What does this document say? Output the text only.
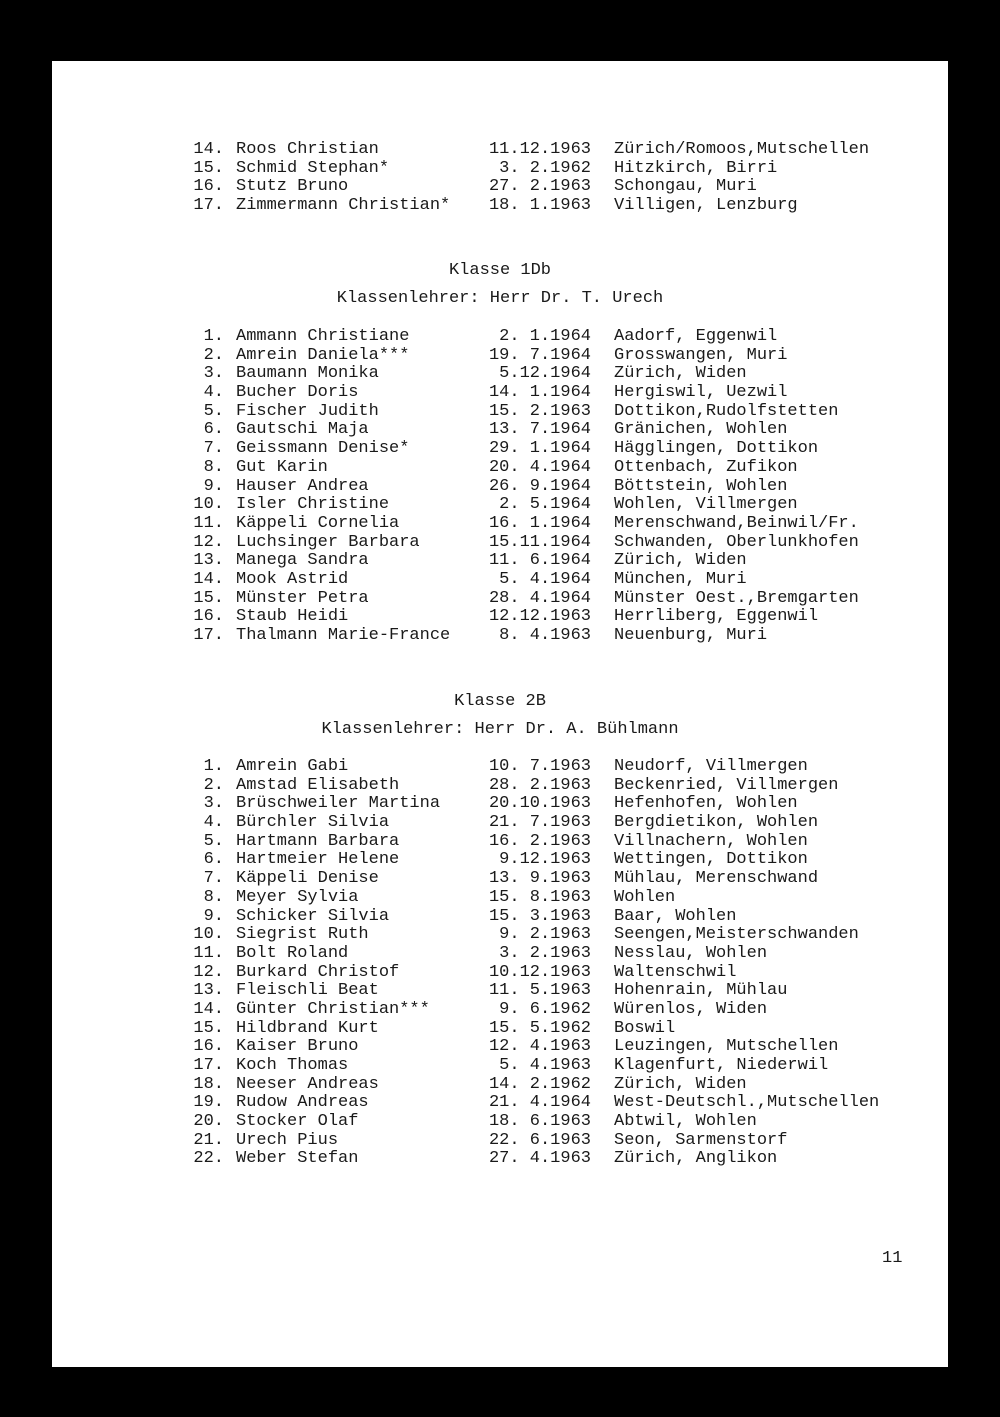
14. Roos Christian	11.12.1963 Zürich/Romoos,Mutschellen
15. Schmid Stephan*	3. 2.1962 Hitzkirch, Birri
16. Stutz Bruno	27. 2.1963 Schongau, Muri
17. Zimmermann Christian*	18. 1.1963 Villigen, Lenzburg
Klasse 1Db
Klassenlehrer: Herr Dr. T. Urech
1. Ammann Christiane	2. 1.1964 Aadorf, Eggenwil
2. Amrein Daniela***	19. 7.1964 Grosswangen, Muri
3. Baumann Monika	5.12.1964 Zürich, Widen
4. Bucher Doris	14. 1.1964 Hergiswil, Uezwil
5. Fischer Judith	15. 2.1963 Dottikon,Rudolfstetten
6. Gautschi Maja	13. 7.1964 Gränichen, Wohlen
7. Geissmann Denise*	29. 1.1964 Hägglingen, Dottikon
8. Gut Karin	20. 4.1964 Ottenbach, Zufikon
9. Hauser Andrea	26. 9.1964 Böttstein, Wohlen
10. Isler Christine	2. 5.1964 Wohlen, Villmergen
11. Käppeli Cornelia	16. 1.1964 Merenschwand,Beinwil/Fr.
12. Luchsinger Barbara	15.11.1964 Schwanden, Oberlunkhofen
13. Manega Sandra	11. 6.1964 Zürich, Widen
14. Mook Astrid	5. 4.1964 München, Muri
15. Münster Petra	28. 4.1964 Münster Oest.,Bremgarten
16. Staub Heidi	12.12.1963 Herrliberg, Eggenwil
17. Thalmann Marie-France	8. 4.1963 Neuenburg, Muri
Klasse 2B
Klassenlehrer: Herr Dr. A. Bühlmann
1. Amrein Gabi	10. 7.1963 Neudorf, Villmergen
2. Amstad Elisabeth	28. 2.1963 Beckenried, Villmergen
3. Brüschweiler Martina	20.10.1963 Hefenhofen, Wohlen
4. Bürchler Silvia	21. 7.1963 Bergdietikon, Wohlen
5. Hartmann Barbara	16. 2.1963 Villnachern, Wohlen
6. Hartmeier Helene	9.12.1963 Wettingen, Dottikon
7. Käppeli Denise	13. 9.1963 Mühlau, Merenschwand
8. Meyer Sylvia	15. 8.1963 Wohlen
9. Schicker Silvia	15. 3.1963 Baar, Wohlen
10. Siegrist Ruth	9. 2.1963 Seengen,Meisterschwanden
11. Bolt Roland	3. 2.1963 Nesslau, Wohlen
12. Burkard Christof	10.12.1963 Waltenschwil
13. Fleischli Beat	11. 5.1963 Hohenrain, Mühlau
14. Günter Christian***	9. 6.1962 Würenlos, Widen
15. Hildbrand Kurt	15. 5.1962 Boswil
16. Kaiser Bruno	12. 4.1963 Leuzingen, Mutschellen
17. Koch Thomas	5. 4.1963 Klagenfurt, Niederwil
18. Neeser Andreas	14. 2.1962 Zürich, Widen
19. Rudow Andreas	21. 4.1964 West-Deutschl.,Mutschellen
20. Stocker Olaf	18. 6.1963 Abtwil, Wohlen
21. Urech Pius	22. 6.1963 Seon, Sarmenstorf
22. Weber Stefan	27. 4.1963 Zürich, Anglikon
11
